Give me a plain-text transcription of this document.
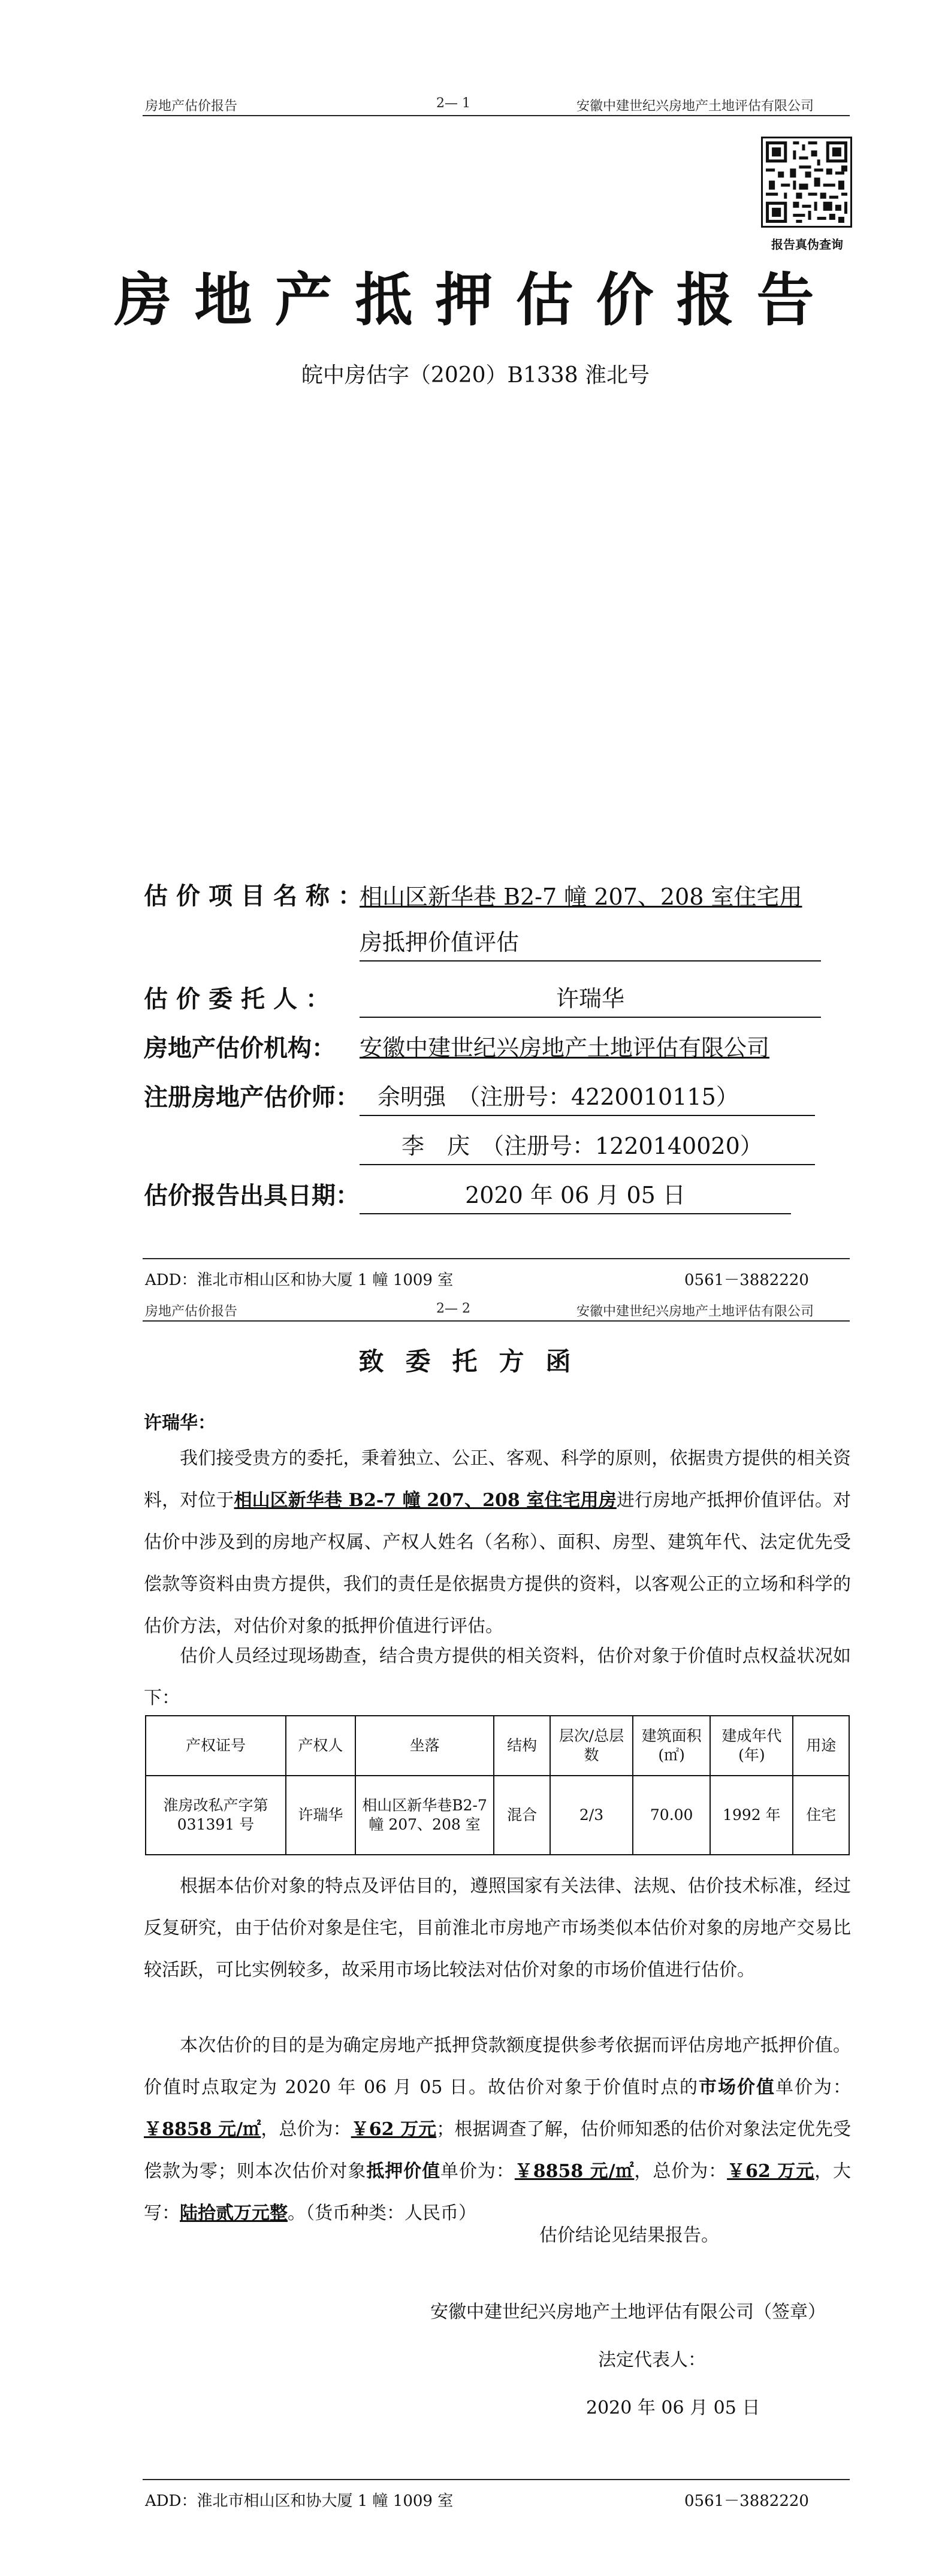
房地产估价报告	2— 1	安徽中建世纪兴房地产土地评估有限公司
报告真伪查询
房地产抵押估价报告
皖中房估字（2020）B1338 淮北号
估价项目名称：
相山区新华巷 B2-7 幢 207、208 室住宅用
房抵押价值评估
估价委托人：	许瑞华
房地产估价机构： 安徽中建世纪兴房地产土地评估有限公司
注册房地产估价师： 余明强　（注册号：4220010115）
李　庆　（注册号：1220140020）
估价报告出具日期：	2020 年 06 月 05 日
ADD：淮北市相山区和协大厦 1 幢 1009 室	0561－3882220
房地产估价报告	2— 2	安徽中建世纪兴房地产土地评估有限公司
致委托方函
许瑞华：
我们接受贵方的委托，秉着独立、公正、客观、科学的原则，依据贵方提供的相关资料，对位于相山区新华巷 B2-7 幢 207、208 室住宅用房进行房地产抵押价值评估。对估价中涉及到的房地产权属、产权人姓名（名称）、面积、房型、建筑年代、法定优先受偿款等资料由贵方提供，我们的责任是依据贵方提供的资料，以客观公正的立场和科学的估价方法，对估价对象的抵押价值进行评估。
估价人员经过现场勘查，结合贵方提供的相关资料，估价对象于价值时点权益状况如下：
产权证号	产权人	坐落	结构	层次/总层数	建筑面积(㎡)	建成年代(年)	用途
淮房改私产字第031391 号	许瑞华	相山区新华巷B2-7 幢 207、208 室	混合	2/3	70.00	1992 年	住宅
根据本估价对象的特点及评估目的，遵照国家有关法律、法规、估价技术标准，经过反复研究，由于估价对象是住宅，目前淮北市房地产市场类似本估价对象的房地产交易比较活跃，可比实例较多，故采用市场比较法对估价对象的市场价值进行估价。
本次估价的目的是为确定房地产抵押贷款额度提供参考依据而评估房地产抵押价值。价值时点取定为 2020 年 06 月 05 日。故估价对象于价值时点的市场价值单价为：￥8858 元/㎡，总价为：￥62 万元；根据调查了解，估价师知悉的估价对象法定优先受偿款为零；则本次估价对象抵押价值单价为：￥8858 元/㎡，总价为：￥62 万元，大写：陆拾贰万元整。（货币种类：人民币）
估价结论见结果报告。
安徽中建世纪兴房地产土地评估有限公司（签章）
法定代表人：
2020 年 06 月 05 日
ADD：淮北市相山区和协大厦 1 幢 1009 室	0561－3882220
